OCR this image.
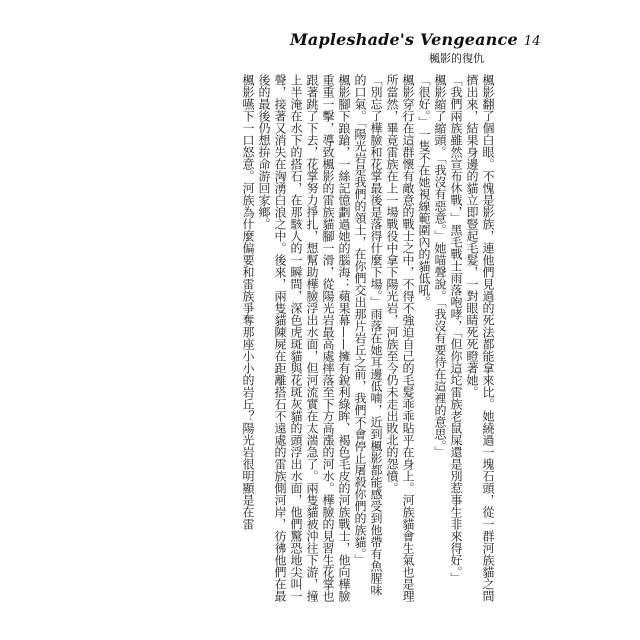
Mapleshade's Vengeance 14
楓影的復仇

楓影翻了個白眼。不愧是影族，連他們見過的死法都能拿來比。她繞過一塊石頭，從一群河族貓之間擠出來，結果身邊的貓立即豎起毛髮，一對眼睛死死瞪著她。

「我們兩族雖然宣布休戰，」黑毛戰士雨落咆哮，「但你這坨雷族老鼠屎還是別惹事生非來得好。」

楓影縮了縮頭。「我沒有惡意。」她喵聲說。「我沒有要待在這裡的意思。」

「很好。」一隻不在她視線範圍內的貓低吼。

楓影穿行在這群懷有敵意的戰士之中，不得不強迫自己的毛髮乖乖貼平在身上。河族貓會生氣也是理所當然，畢竟雷族在上一場戰役中拿下陽光岩，河族至今仍未走出敗北的怨憤。

「別忘了樺臉和花掌最後是落得什麼下場。」雨落在她耳邊低喃，近到楓影都能感受到他帶有魚腥味的口氣。「陽光岩是我們的領土，在你們交出那片岩丘之前，我們不會停止屠殺你們的族貓。」

楓影腳下踉蹌，一絲記憶劃過她的腦海：蘋果幕——擁有銳利綠眸、褐色毛皮的河族戰士，他向樺臉重重一擊，導致楓影的雷族貓腳一滑，從陽光岩最高處摔落至下方高漲的河水。樺臉的見習生花掌也跟著跳了下去，花掌努力掙扎，想幫助樺臉浮出水面，但河流實在太湍急了。兩隻貓被沖往下游，撞上半淹在水下的搭石，在那駭人的一瞬間，深色虎斑貓與花斑灰貓的頭浮出水面，他們驚恐地尖叫一聲，接著又消失在洶湧白浪之中。後來，兩隻貓陳屍在距離搭石不遠處的雷族側河岸，彷彿他們在最後的最後仍想拚命游回家鄉。

楓影嚥下一口怒意。河族為什麼偏要和雷族爭奪那座小小的岩丘？陽光岩很明顯是在雷
